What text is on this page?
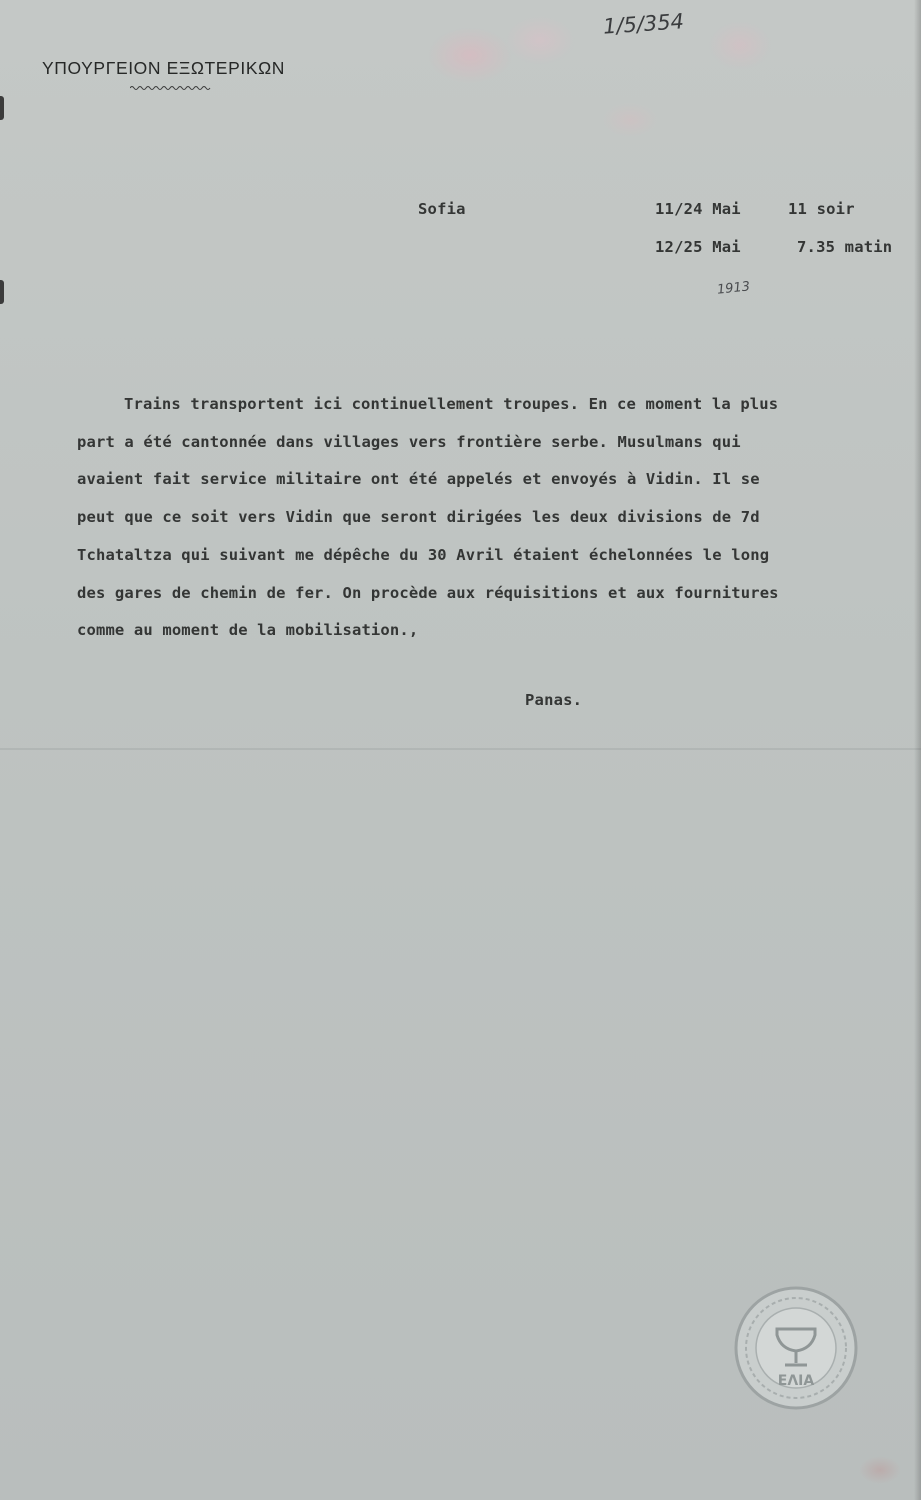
ΥΠΟΥΡΓΕΙΟΝ ΕΞΩΤΕΡΙΚΩΝ
1/5/354
Sofia	11/24 Mai	11 soir
12/25 Mai	7.35 matin
1913
Trains transportent ici continuellement troupes. En ce moment la plus
part a été cantonnée dans villages vers frontière serbe. Musulmans qui
avaient fait service militaire ont été appelés et envoyés à Vidin. Il se
peut que ce soit vers Vidin que seront dirigées les deux divisions de 7d
Tchataltza qui suivant me dépêche du 30 Avril étaient échelonnées le long
des gares de chemin de fer. On procède aux réquisitions et aux fournitures
comme au moment de la mobilisation.,
Panas.
ΕΛΙΑ
